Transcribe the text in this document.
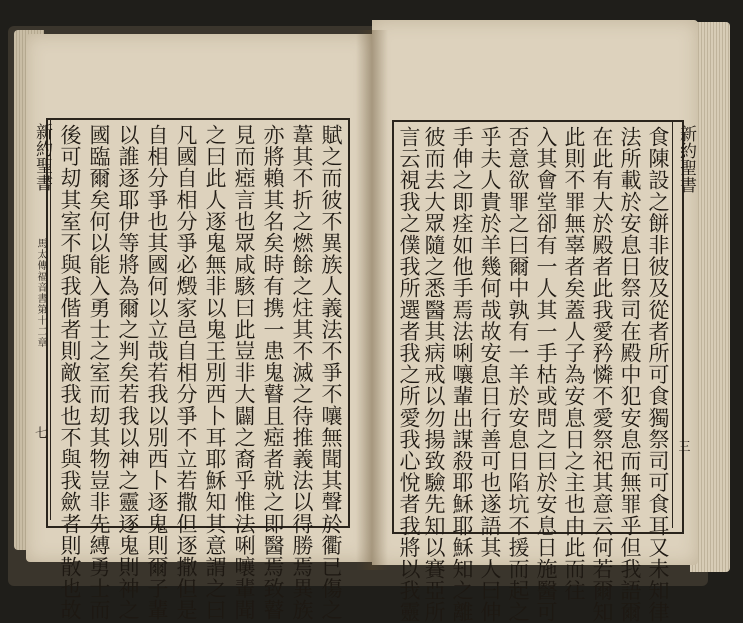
新約聖書
馬太傳福音書第十二章
七	賦之而彼不異族人義法不爭不嚷無聞其聲於衢已傷之
葦其不折之燃餘之炷其不滅之待推義法以得勝焉異族
亦將賴其名矣時有携一患鬼瞽且瘂者就之即醫焉致瞽
見而瘂言也眾咸駭曰此豈非大闢之裔乎惟法唎嚷輩聞
之曰此人逐鬼無非以鬼王別西卜耳耶穌知其意謂之曰
凡國自相分爭必燬家邑自相分爭不立若撒但逐撒但是
自相分爭也其國何以立哉若我以別西卜逐鬼則爾子輩
以誰逐耶伊等將為爾之判矣若我以神之靈逐鬼則神之
國臨爾矣何以能入勇士之室而刧其物豈非先縛勇士而
後可刧其室不與我偕者則敵我也不與我歛者則散也故	新約聖書
三
食陳設之餅非彼及從者所可食獨祭司可食耳又未知律
法所載於安息日祭司在殿中犯安息而無罪乎但我語爾
在此有大於殿者此我愛矜憐不愛祭祀其意云何若爾知
此則不罪無辜者矣蓋人子為安息日之主也由此而往
入其會堂卻有一人其一手枯或問之曰於安息日施醫可
否意欲罪之曰爾中孰有一羊於安息日陷坑不援而起之
乎夫人貴於羊幾何哉故安息日行善可也遂語其人曰伸
手伸之即痊如他手焉法唎嚷輩出謀殺耶穌耶穌知之離
彼而去大眾隨之悉醫其病戒以勿揚致驗先知以賽亞所
言云視我之僕我所選者我之所愛我心悅者我將以我靈
